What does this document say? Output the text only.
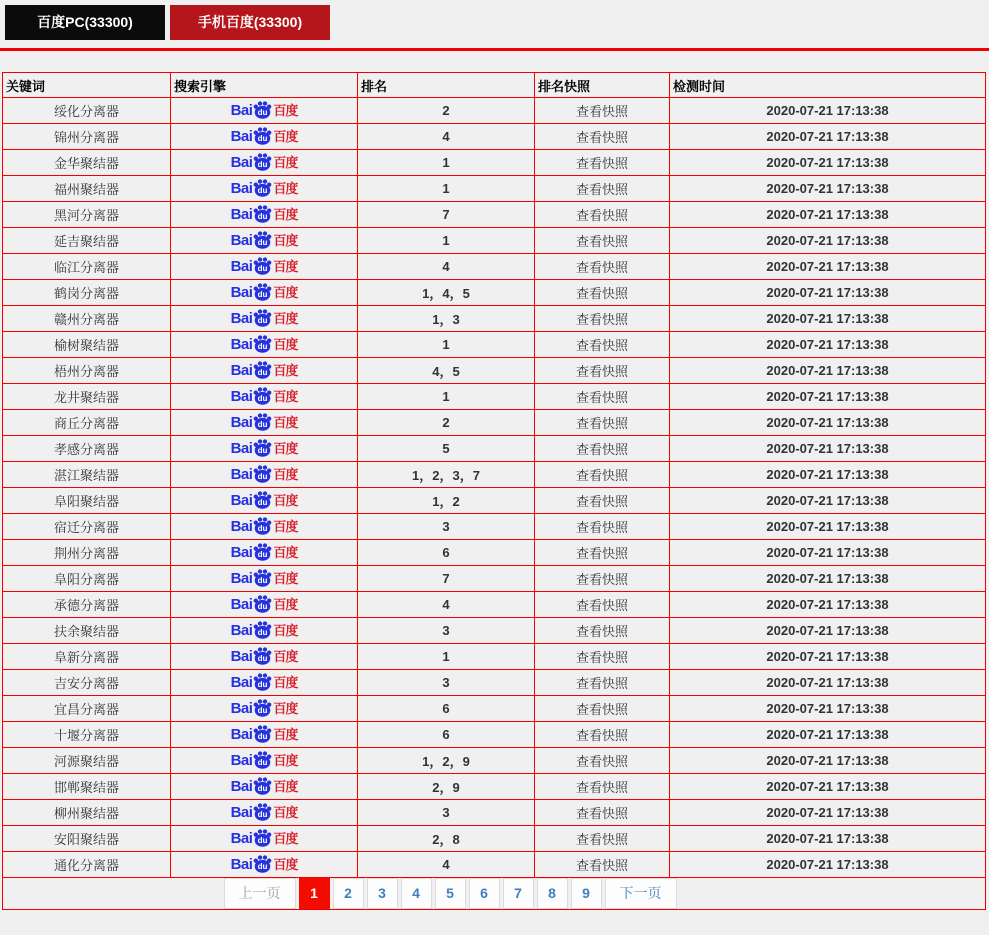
百度PC(33300)	手机百度(33300)
关键词	搜索引擎	排名	排名快照	检测时间
绥化分离器	Bai du 百度	2	查看快照	2020-07-21 17:13:38
锦州分离器	Bai du 百度	4	查看快照	2020-07-21 17:13:38
金华聚结器	Bai du 百度	1	查看快照	2020-07-21 17:13:38
福州聚结器	Bai du 百度	1	查看快照	2020-07-21 17:13:38
黑河分离器	Bai du 百度	7	查看快照	2020-07-21 17:13:38
延吉聚结器	Bai du 百度	1	查看快照	2020-07-21 17:13:38
临江分离器	Bai du 百度	4	查看快照	2020-07-21 17:13:38
鹤岗分离器	Bai du 百度	1，4，5	查看快照	2020-07-21 17:13:38
赣州分离器	Bai du 百度	1，3	查看快照	2020-07-21 17:13:38
榆树聚结器	Bai du 百度	1	查看快照	2020-07-21 17:13:38
梧州分离器	Bai du 百度	4，5	查看快照	2020-07-21 17:13:38
龙井聚结器	Bai du 百度	1	查看快照	2020-07-21 17:13:38
商丘分离器	Bai du 百度	2	查看快照	2020-07-21 17:13:38
孝感分离器	Bai du 百度	5	查看快照	2020-07-21 17:13:38
湛江聚结器	Bai du 百度	1，2，3，7	查看快照	2020-07-21 17:13:38
阜阳聚结器	Bai du 百度	1，2	查看快照	2020-07-21 17:13:38
宿迁分离器	Bai du 百度	3	查看快照	2020-07-21 17:13:38
荆州分离器	Bai du 百度	6	查看快照	2020-07-21 17:13:38
阜阳分离器	Bai du 百度	7	查看快照	2020-07-21 17:13:38
承德分离器	Bai du 百度	4	查看快照	2020-07-21 17:13:38
扶余聚结器	Bai du 百度	3	查看快照	2020-07-21 17:13:38
阜新分离器	Bai du 百度	1	查看快照	2020-07-21 17:13:38
吉安分离器	Bai du 百度	3	查看快照	2020-07-21 17:13:38
宜昌分离器	Bai du 百度	6	查看快照	2020-07-21 17:13:38
十堰分离器	Bai du 百度	6	查看快照	2020-07-21 17:13:38
河源聚结器	Bai du 百度	1，2，9	查看快照	2020-07-21 17:13:38
邯郸聚结器	Bai du 百度	2，9	查看快照	2020-07-21 17:13:38
柳州聚结器	Bai du 百度	3	查看快照	2020-07-21 17:13:38
安阳聚结器	Bai du 百度	2，8	查看快照	2020-07-21 17:13:38
通化分离器	Bai du 百度	4	查看快照	2020-07-21 17:13:38

上一页	1	2	3	4	5	6	7	8	9	下一页
